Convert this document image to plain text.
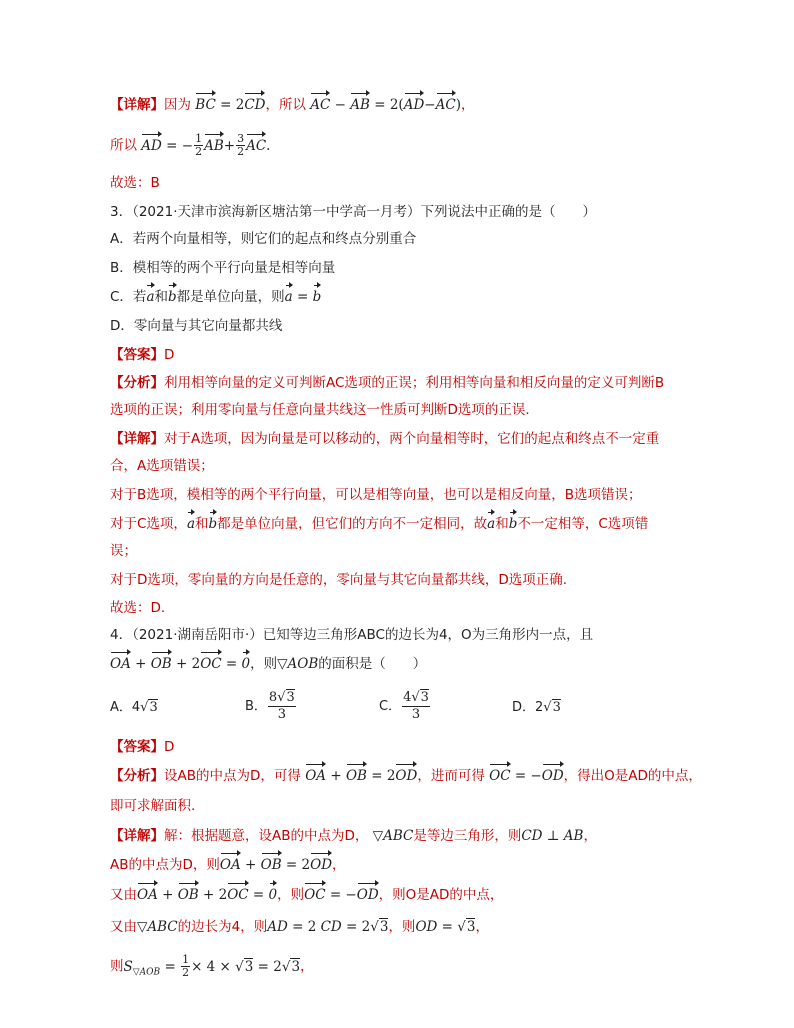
【详解】因为 BC = 2CD，所以 AC − AB = 2(AD−AC)，
所以 AD = − $\frac{1}{2} AB+ \frac{3}{2}$ AC.
故选：B
3．（2021·天津市滨海新区塘沽第一中学高一月考）下列说法中正确的是（　　）
A．若两个向量相等，则它们的起点和终点分别重合
B．模相等的两个平行向量是相等向量
C．若a和b都是单位向量，则a = b
D．零向量与其它向量都共线
【答案】D
【分析】利用相等向量的定义可判断AC选项的正误；利用相等向量和相反向量的定义可判断B
选项的正误；利用零向量与任意向量共线这一性质可判断D选项的正误.
【详解】对于A选项，因为向量是可以移动的，两个向量相等时，它们的起点和终点不一定重
合，A选项错误；
对于B选项，模相等的两个平行向量，可以是相等向量，也可以是相反向量，B选项错误；
对于C选项，a和b都是单位向量，但它们的方向不一定相同，故a和b不一定相等，C选项错
误；
对于D选项，零向量的方向是任意的，零向量与其它向量都共线，D选项正确.
故选：D.
4．（2021·湖南岳阳市·）已知等边三角形ABC的边长为4，O为三角形内一点，且
OA + OB + 2OC = 0，则▽AOB的面积是（　　）
A．4√3	B． $\frac{8√3}{3}$	C． $\frac{4√3}{3}$	D．2√3
【答案】D
【分析】设AB的中点为D，可得 OA + OB = 2OD，进而可得 OC = −OD，得出O是AD的中点，
即可求解面积.
【详解】解：根据题意，设AB的中点为D， ▽ABC是等边三角形，则CD ⊥ AB，
AB的中点为D，则OA + OB = 2OD，
又由OA + OB + 2OC = 0，则OC = −OD，则O是AD的中点，
又由▽ABC的边长为4，则AD = 2 CD = 2√3，则OD = √3，
则$S_{▽AOB} = \frac{1}{2} \times 4 \times √3 = 2√3$，
